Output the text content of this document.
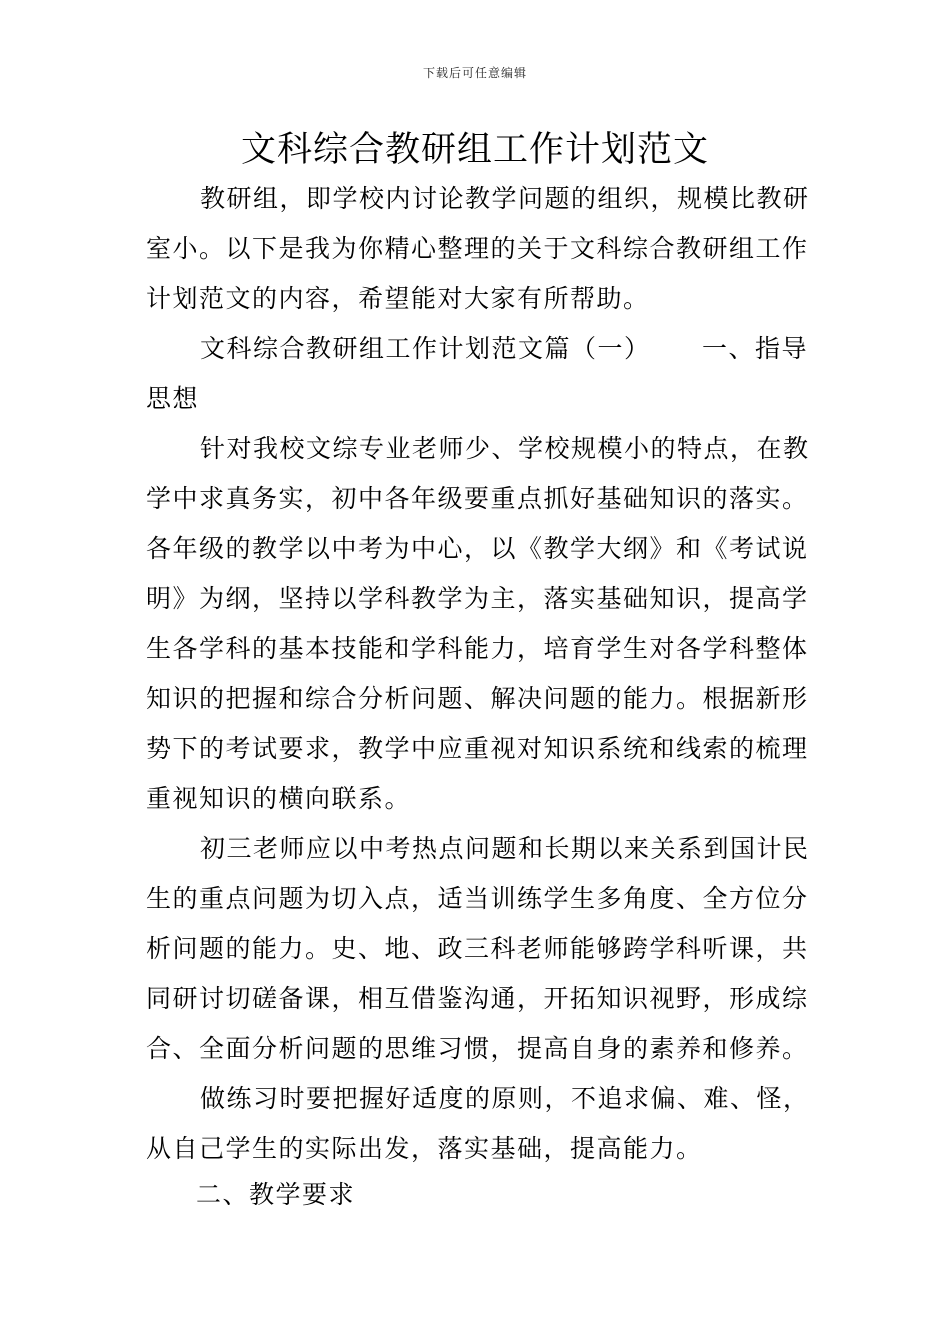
下载后可任意编辑
文科综合教研组工作计划范文
教研组，即学校内讨论教学问题的组织，规模比教研
室小。以下是我为你精心整理的关于文科综合教研组工作
计划范文的内容，希望能对大家有所帮助。
文科综合教研组工作计划范文篇（一） 一、指导
思想
针对我校文综专业老师少、学校规模小的特点，在教
学中求真务实，初中各年级要重点抓好基础知识的落实。
各年级的教学以中考为中心，以《教学大纲》和《考试说
明》为纲，坚持以学科教学为主，落实基础知识，提高学
生各学科的基本技能和学科能力，培育学生对各学科整体
知识的把握和综合分析问题、解决问题的能力。根据新形
势下的考试要求，教学中应重视对知识系统和线索的梳理
重视知识的横向联系。
初三老师应以中考热点问题和长期以来关系到国计民
生的重点问题为切入点，适当训练学生多角度、全方位分
析问题的能力。史、地、政三科老师能够跨学科听课，共
同研讨切磋备课，相互借鉴沟通，开拓知识视野，形成综
合、全面分析问题的思维习惯，提高自身的素养和修养。
做练习时要把握好适度的原则，不追求偏、难、怪，
从自己学生的实际出发，落实基础，提高能力。
二、教学要求
